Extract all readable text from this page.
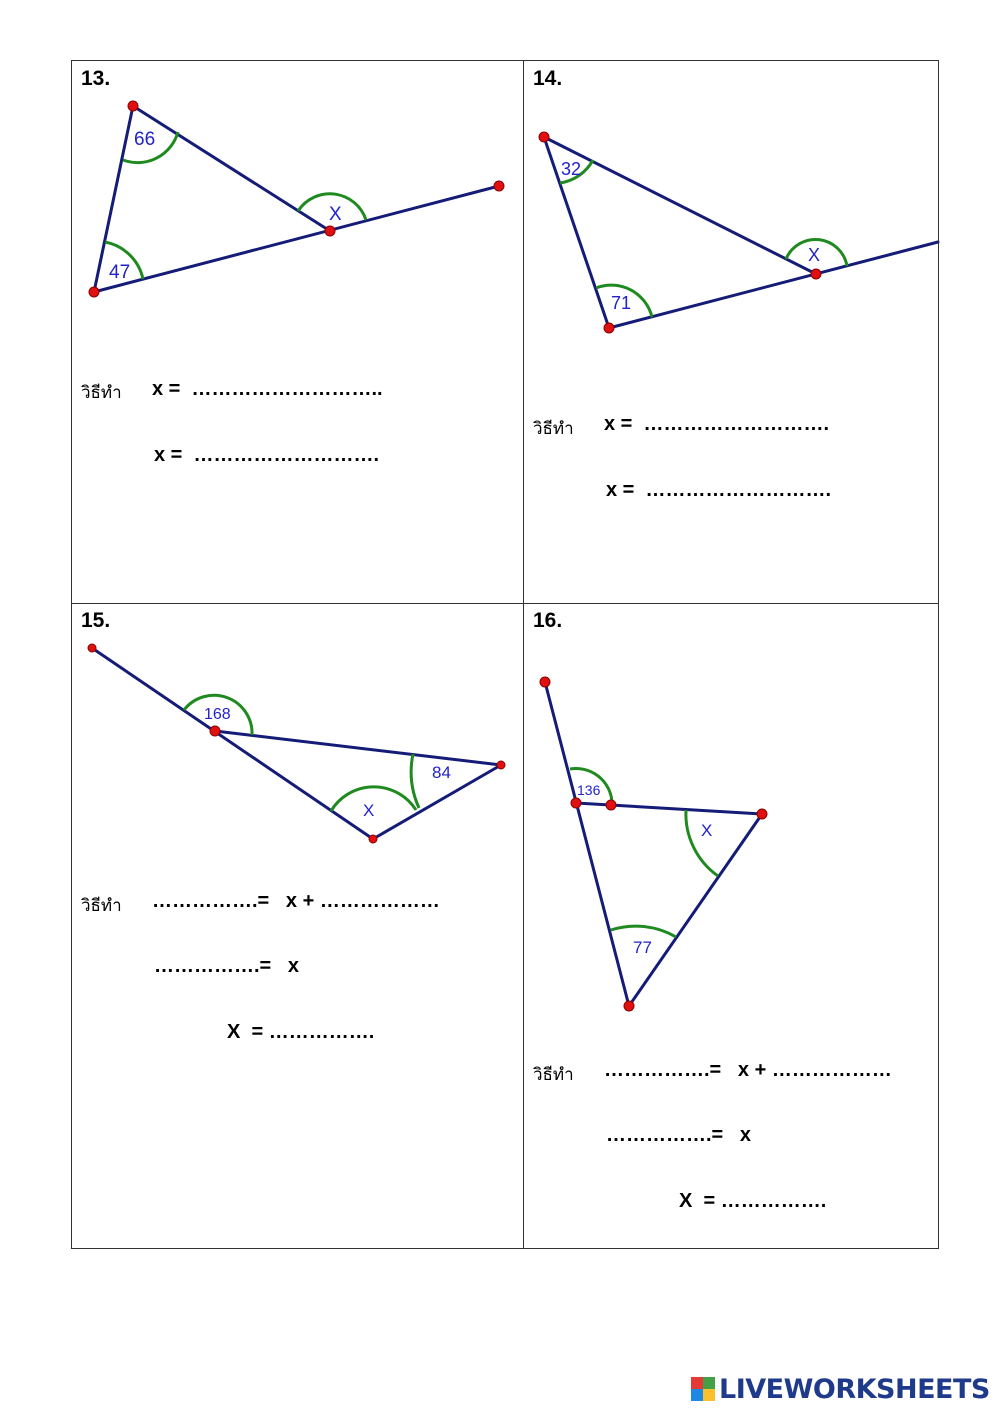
13.
66
47
X
วิธีทำ x =  ………………………..
x =  ……………………….
14.
32
71
X
วิธีทำ x =  ……………………….
x =  ……………………….
15.
168
84
X
วิธีทำ …………….=   x + ………………
…………….=   x
X  = …………….
16.
136
X
77
วิธีทำ …………….=   x + ………………
…………….=   x
X  = …………….
LIVEWORKSHEETS
